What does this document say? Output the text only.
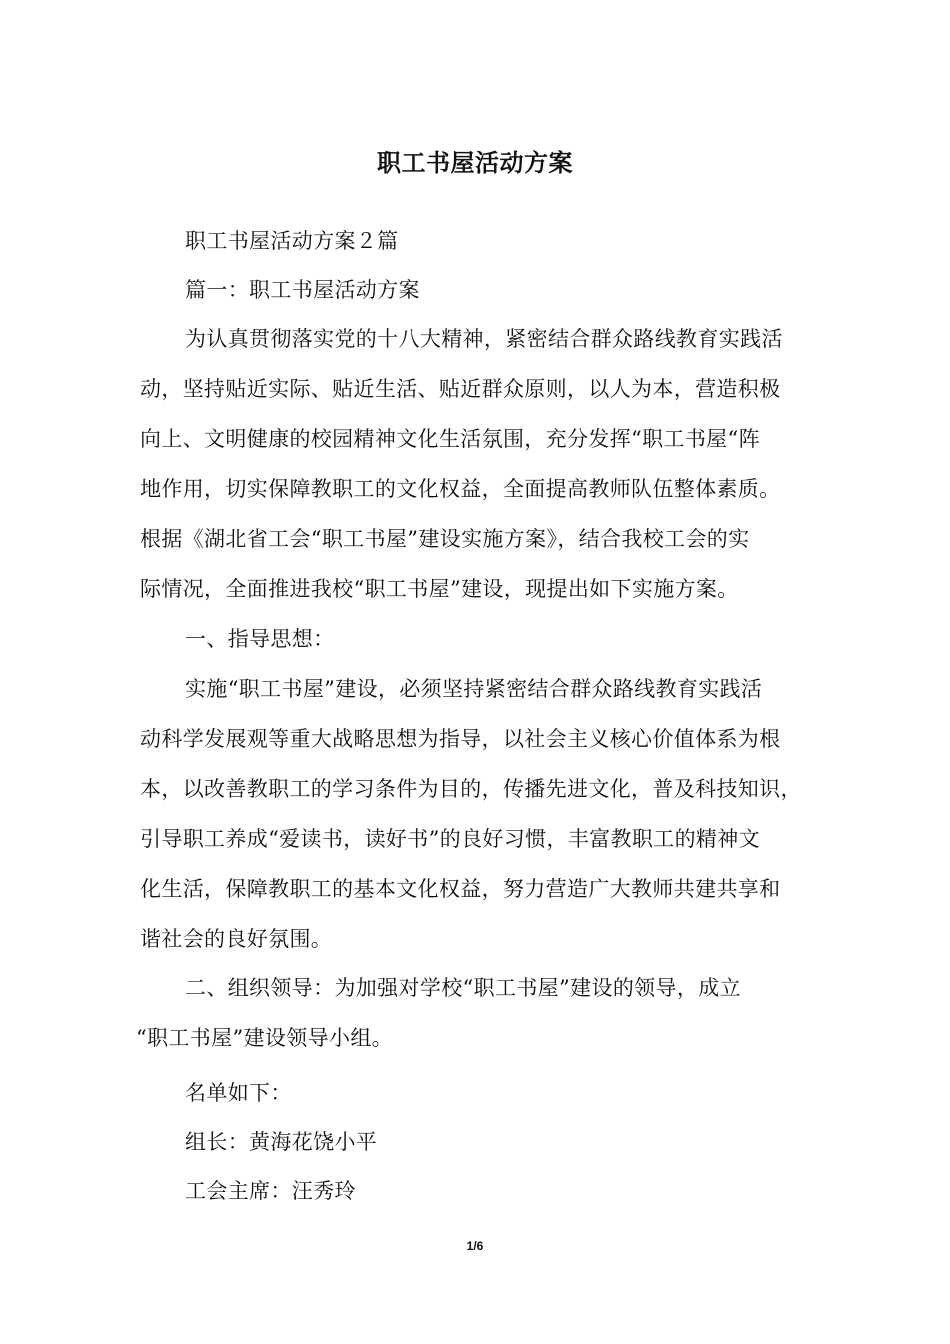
职工书屋活动方案
职工书屋活动方案２篇
篇一：职工书屋活动方案
为认真贯彻落实党的十八大精神，紧密结合群众路线教育实践活
动，坚持贴近实际、贴近生活、贴近群众原则，以人为本，营造积极
向上、文明健康的校园精神文化生活氛围，充分发挥“职工书屋“阵
地作用，切实保障教职工的文化权益，全面提高教师队伍整体素质。
根据《湖北省工会“职工书屋”建设实施方案》，结合我校工会的实
际情况，全面推进我校“职工书屋”建设，现提出如下实施方案。
一、指导思想：
实施“职工书屋”建设，必须坚持紧密结合群众路线教育实践活
动科学发展观等重大战略思想为指导，以社会主义核心价值体系为根
本，以改善教职工的学习条件为目的，传播先进文化，普及科技知识，
引导职工养成“爱读书，读好书”的良好习惯，丰富教职工的精神文
化生活，保障教职工的基本文化权益，努力营造广大教师共建共享和
谐社会的良好氛围。
二、组织领导：为加强对学校“职工书屋”建设的领导，成立
“职工书屋”建设领导小组。
名单如下：
组长：黄海花饶小平
工会主席：汪秀玲
1/6
